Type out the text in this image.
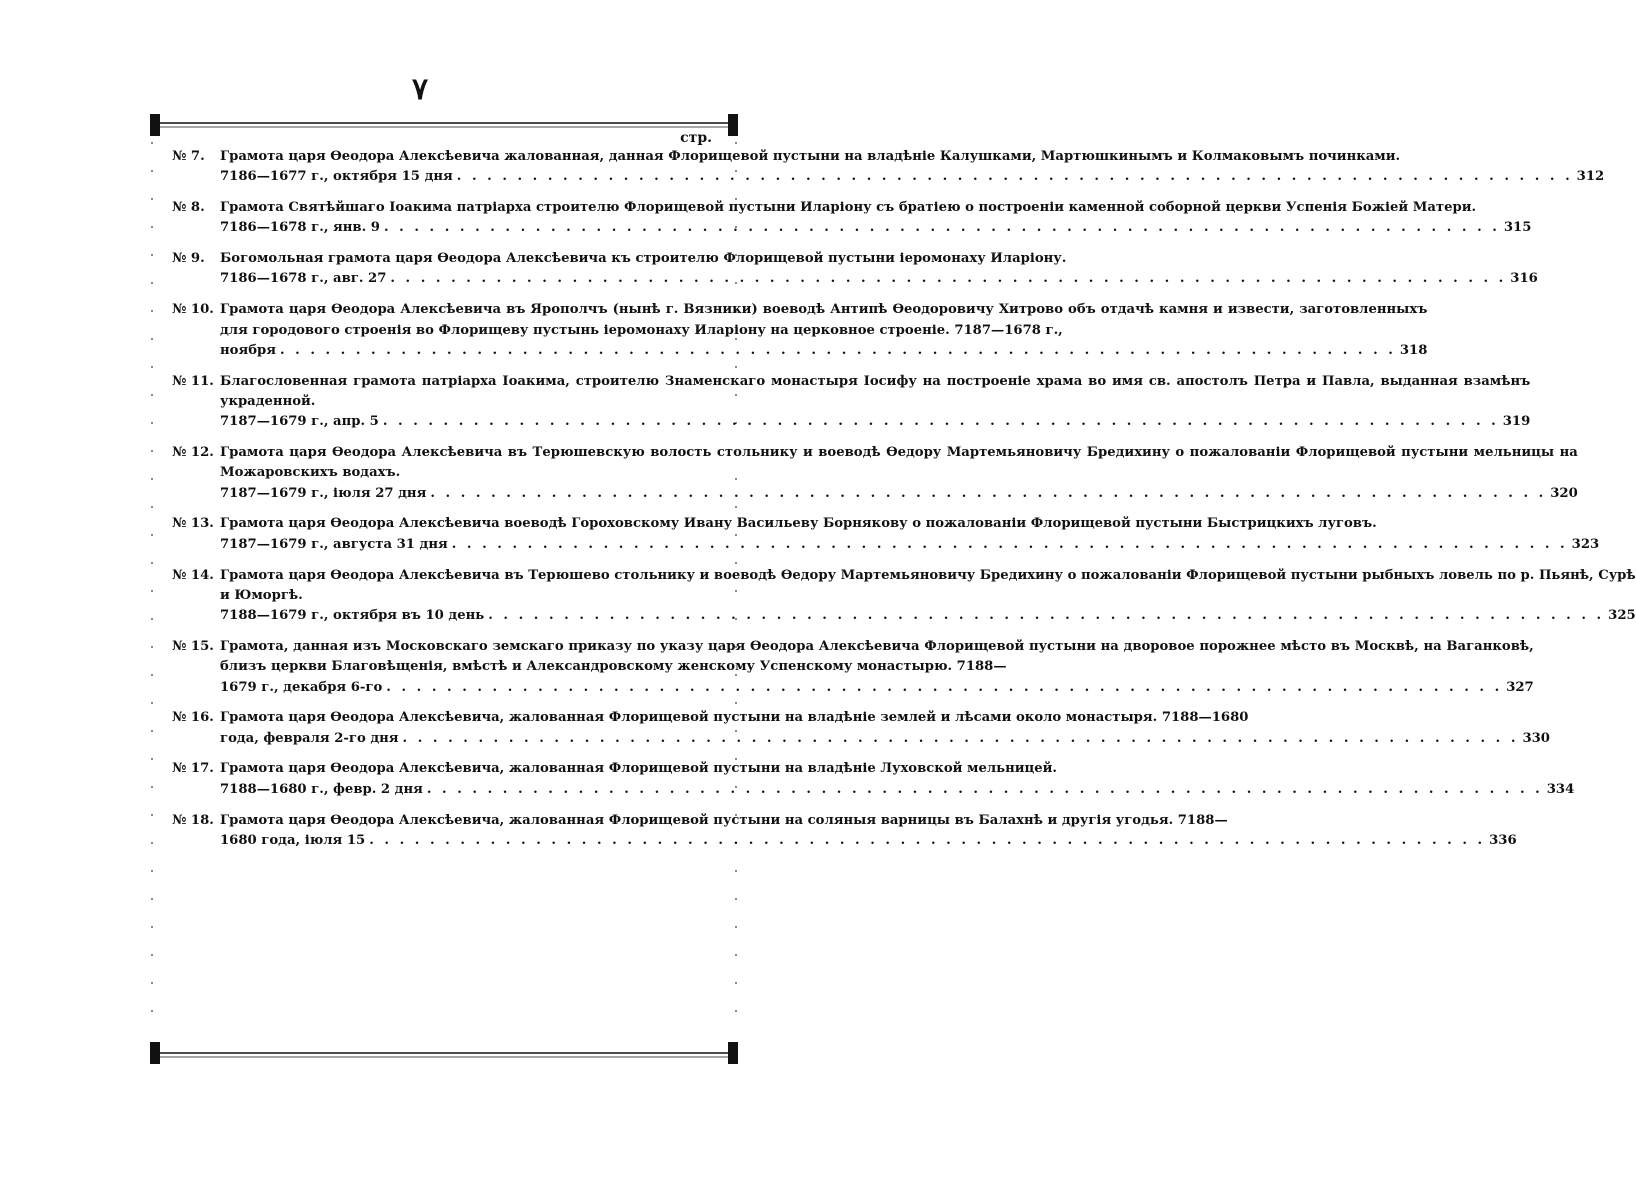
۷
стр.
№ 7.	Грамота царя Ѳеодора Алексѣевича жалованная, данная Флорищевой пустыни на владѣніе Калушками, Мартюшкинымъ и Колмаковымъ починками.
7186—1677 г., октября 15 дня . . .	312
№ 8.	Грамота Святѣйшаго Іоакима патріарха строителю Флорищевой пустыни Иларіону съ братіею о построеніи каменной соборной церкви Успенія Божіей Матери.
7186—1678 г., янв. 9 . . .	315
№ 9.	Богомольная грамота царя Ѳеодора Алексѣевича къ строителю Флорищевой пустыни іеромонаху Иларіону.
7186—1678 г., авг. 27 . . .	316
№ 10. Грамота царя Ѳеодора Алексѣевича въ Ярополчъ (нынѣ г. Вязники) воеводѣ Антипѣ Ѳеодоровичу Хитрово объ отдачѣ камня и извести, заготовленныхъ для городового строенія во Флорищеву пустынь іеромонаху Иларіону на церковное строеніе. 7187—1678 г.,
ноября . . .	318
№ 11. Благословенная грамота патріарха Іоакима, строителю Знаменскаго монастыря Іосифу на построеніе храма во имя св. апостолъ Петра и Павла, выданная взамѣнъ украденной.
7187—1679 г., апр. 5 . . .	319
№ 12. Грамота царя Ѳеодора Алексѣевича въ Терюшевскую волость стольнику и воеводѣ Ѳедору Мартемьяновичу Бредихину о пожалованіи Флорищевой пустыни мельницы на Можаровскихъ водахъ.
7187—1679 г., іюля 27 дня . . .	320
№ 13. Грамота царя Ѳеодора Алексѣевича воеводѣ Гороховскому Ивану Васильеву Борнякову о пожалованіи Флорищевой пустыни Быстрицкихъ луговъ.
7187—1679 г., августа 31 дня . . .	323
№ 14. Грамота царя Ѳеодора Алексѣевича въ Терюшево стольнику и воеводѣ Ѳедору Мартемьяновичу Бредихину о пожалованіи Флорищевой пустыни рыбныхъ ловель по р. Пьянѣ, Сурѣ и Юморгѣ.
7188—1679 г., октября въ 10 день . . .	325
№ 15. Грамота, данная изъ Московскаго земскаго приказу по указу царя Ѳеодора Алексѣевича Флорищевой пустыни на дворовое порожнее мѣсто въ Москвѣ, на Ваганковѣ, близъ церкви Благовѣщенія, вмѣстѣ и Александровскому женскому Успенскому монастырю. 7188—
1679 г., декабря 6-го . . .	327
№ 16. Грамота царя Ѳеодора Алексѣевича, жалованная Флорищевой пустыни на владѣніе землей и лѣсами около монастыря. 7188—1680
года, февраля 2-го дня . . .	330
№ 17. Грамота царя Ѳеодора Алексѣевича, жалованная Флорищевой пустыни на владѣніе Луховской мельницей.
7188—1680 г., февр. 2 дня . . .	334
№ 18. Грамота царя Ѳеодора Алексѣевича, жалованная Флорищевой пустыни на соляныя варницы въ Балахнѣ и другія угодья. 7188—
1680 года, іюля 15 . . .	336
